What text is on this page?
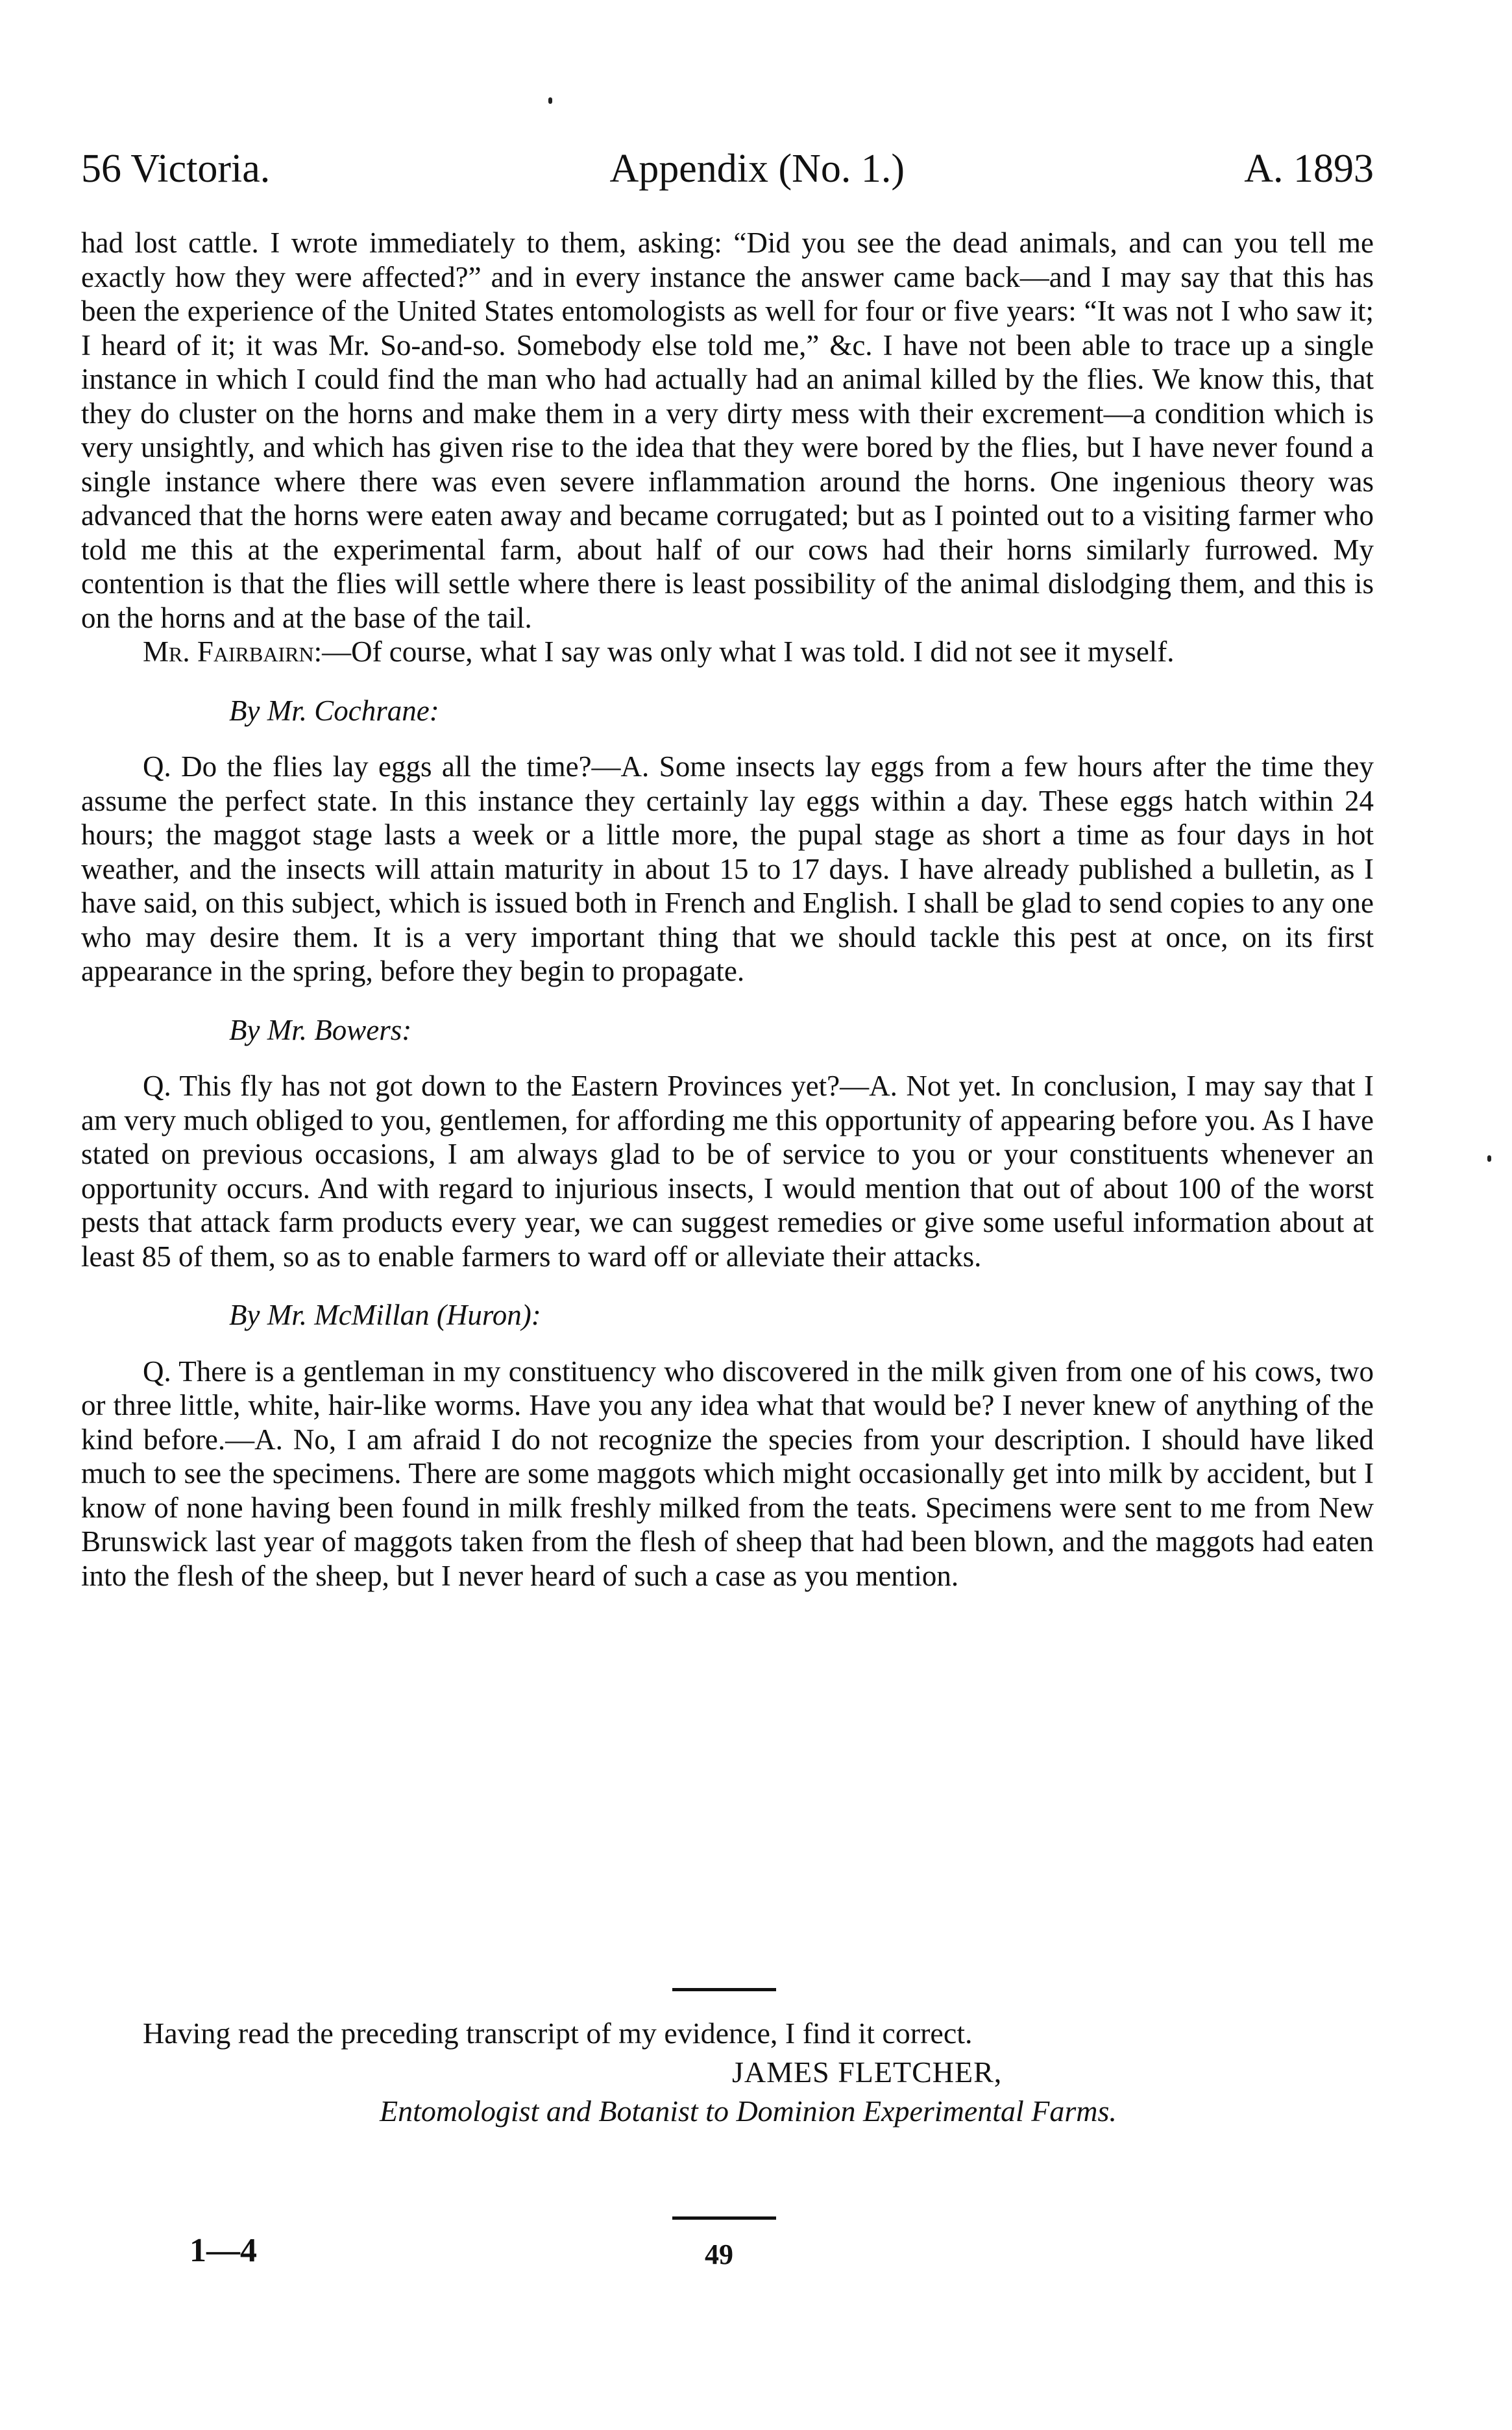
56 Victoria.	Appendix (No. 1.)	A. 1893

had lost cattle. I wrote immediately to them, asking: “Did you see the dead animals, and can you tell me exactly how they were affected?” and in every instance the answer came back—and I may say that this has been the experience of the United States entomologists as well for four or five years: “It was not I who saw it; I heard of it; it was Mr. So-and-so. Somebody else told me,” &c. I have not been able to trace up a single instance in which I could find the man who had actually had an animal killed by the flies. We know this, that they do cluster on the horns and make them in a very dirty mess with their excrement—a condition which is very unsightly, and which has given rise to the idea that they were bored by the flies, but I have never found a single instance where there was even severe inflammation around the horns. One ingenious theory was advanced that the horns were eaten away and became corrugated; but as I pointed out to a visiting farmer who told me this at the experimental farm, about half of our cows had their horns similarly furrowed. My contention is that the flies will settle where there is least possibility of the animal dislodging them, and this is on the horns and at the base of the tail.

Mr. Fairbairn:—Of course, what I say was only what I was told. I did not see it myself.

By Mr. Cochrane:

Q. Do the flies lay eggs all the time?—A. Some insects lay eggs from a few hours after the time they assume the perfect state. In this instance they certainly lay eggs within a day. These eggs hatch within 24 hours; the maggot stage lasts a week or a little more, the pupal stage as short a time as four days in hot weather, and the insects will attain maturity in about 15 to 17 days. I have already published a bulletin, as I have said, on this subject, which is issued both in French and English. I shall be glad to send copies to any one who may desire them. It is a very important thing that we should tackle this pest at once, on its first appearance in the spring, before they begin to propagate.

By Mr. Bowers:

Q. This fly has not got down to the Eastern Provinces yet?—A. Not yet. In conclusion, I may say that I am very much obliged to you, gentlemen, for affording me this opportunity of appearing before you. As I have stated on previous occasions, I am always glad to be of service to you or your constituents whenever an opportunity occurs. And with regard to injurious insects, I would mention that out of about 100 of the worst pests that attack farm products every year, we can suggest remedies or give some useful information about at least 85 of them, so as to enable farmers to ward off or alleviate their attacks.

By Mr. McMillan (Huron):

Q. There is a gentleman in my constituency who discovered in the milk given from one of his cows, two or three little, white, hair-like worms. Have you any idea what that would be? I never knew of anything of the kind before.—A. No, I am afraid I do not recognize the species from your description. I should have liked much to see the specimens. There are some maggots which might occasionally get into milk by accident, but I know of none having been found in milk freshly milked from the teats. Specimens were sent to me from New Brunswick last year of maggots taken from the flesh of sheep that had been blown, and the maggots had eaten into the flesh of the sheep, but I never heard of such a case as you mention.

Having read the preceding transcript of my evidence, I find it correct.
JAMES FLETCHER,
Entomologist and Botanist to Dominion Experimental Farms.
49
1—4
